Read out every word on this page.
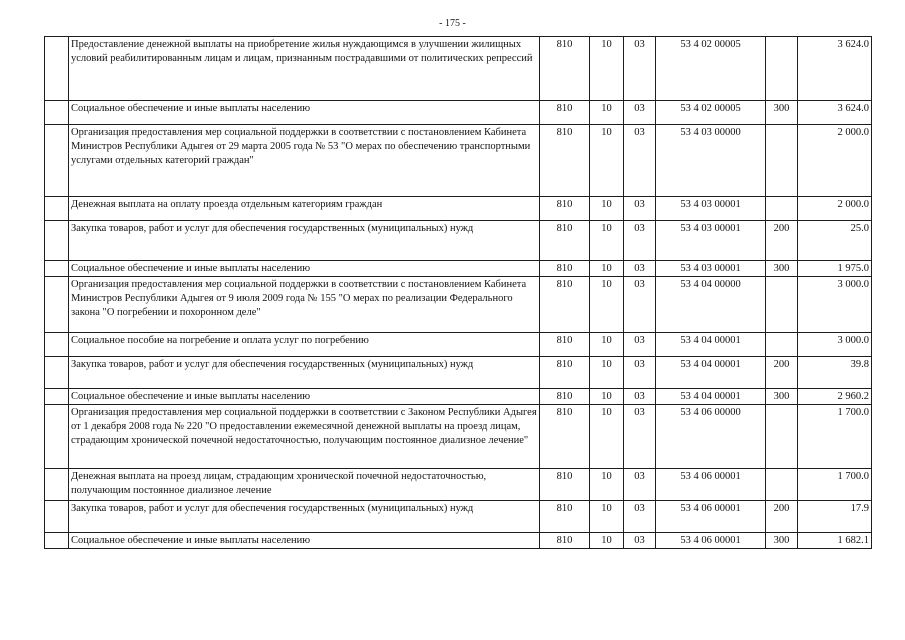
- 175 -
	Предоставление денежной выплаты на приобретение жилья нуждающимся в улучшении жилищных условий реабилитированным лицам и лицам, признанным пострадавшими от политических репрессий	810	10	03	53 4 02 00005		3 624.0
	Социальное обеспечение и иные выплаты населению	810	10	03	53 4 02 00005	300	3 624.0
	Организация предоставления мер социальной поддержки в соответствии с постановлением Кабинета Министров Республики Адыгея от 29 марта 2005 года № 53 "О мерах по обеспечению транспортными услугами отдельных категорий граждан"	810	10	03	53 4 03 00000		2 000.0
	Денежная выплата на оплату проезда отдельным категориям граждан	810	10	03	53 4 03 00001		2 000.0
	Закупка товаров, работ и услуг для обеспечения государственных (муниципальных) нужд	810	10	03	53 4 03 00001	200	25.0
	Социальное обеспечение и иные выплаты населению	810	10	03	53 4 03 00001	300	1 975.0
	Организация предоставления мер социальной поддержки в соответствии с постановлением Кабинета Министров Республики Адыгея от 9 июля 2009 года № 155 "О мерах по реализации Федерального закона "О погребении и похоронном деле"	810	10	03	53 4 04 00000		3 000.0
	Социальное пособие на погребение и оплата услуг по погребению	810	10	03	53 4 04 00001		3 000.0
	Закупка товаров, работ и услуг для обеспечения государственных (муниципальных) нужд	810	10	03	53 4 04 00001	200	39.8
	Социальное обеспечение и иные выплаты населению	810	10	03	53 4 04 00001	300	2 960.2
	Организация предоставления мер социальной поддержки в соответствии с Законом Республики Адыгея от 1 декабря 2008 года № 220 "О предоставлении ежемесячной денежной выплаты на проезд лицам, страдающим хронической почечной недостаточностью, получающим постоянное диализное лечение"	810	10	03	53 4 06 00000		1 700.0
	Денежная выплата на проезд лицам, страдающим хронической почечной недостаточностью, получающим постоянное диализное лечение	810	10	03	53 4 06 00001		1 700.0
	Закупка товаров, работ и услуг для обеспечения государственных (муниципальных) нужд	810	10	03	53 4 06 00001	200	17.9
	Социальное обеспечение и иные выплаты населению	810	10	03	53 4 06 00001	300	1 682.1
